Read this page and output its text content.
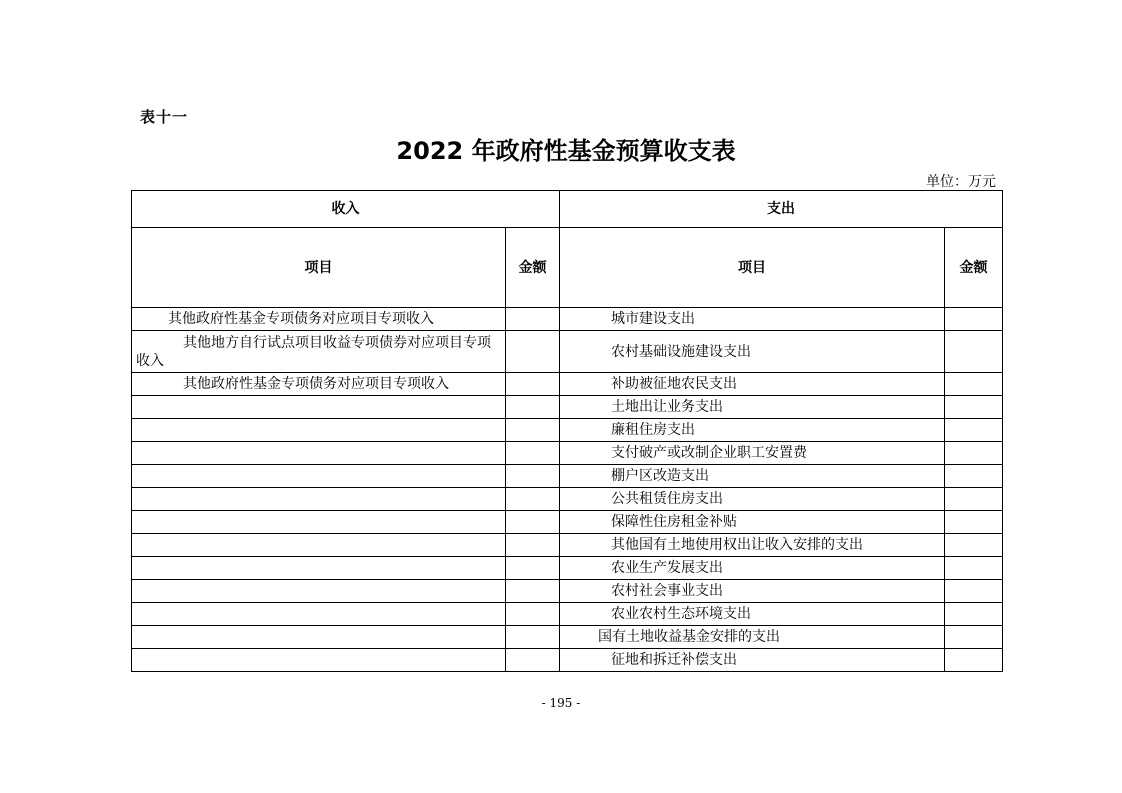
表十一
2022 年政府性基金预算收支表
单位：万元
收入		支出	
项目	金额	项目	金额
其他政府性基金专项债务对应项目专项收入		城市建设支出	
其他地方自行试点项目收益专项债券对应项目专项收入		农村基础设施建设支出	
其他政府性基金专项债务对应项目专项收入		补助被征地农民支出	
		土地出让业务支出	
		廉租住房支出	
		支付破产或改制企业职工安置费	
		棚户区改造支出	
		公共租赁住房支出	
		保障性住房租金补贴	
		其他国有土地使用权出让收入安排的支出	
		农业生产发展支出	
		农村社会事业支出	
		农业农村生态环境支出	
		国有土地收益基金安排的支出	
		征地和拆迁补偿支出	
- 195 -
